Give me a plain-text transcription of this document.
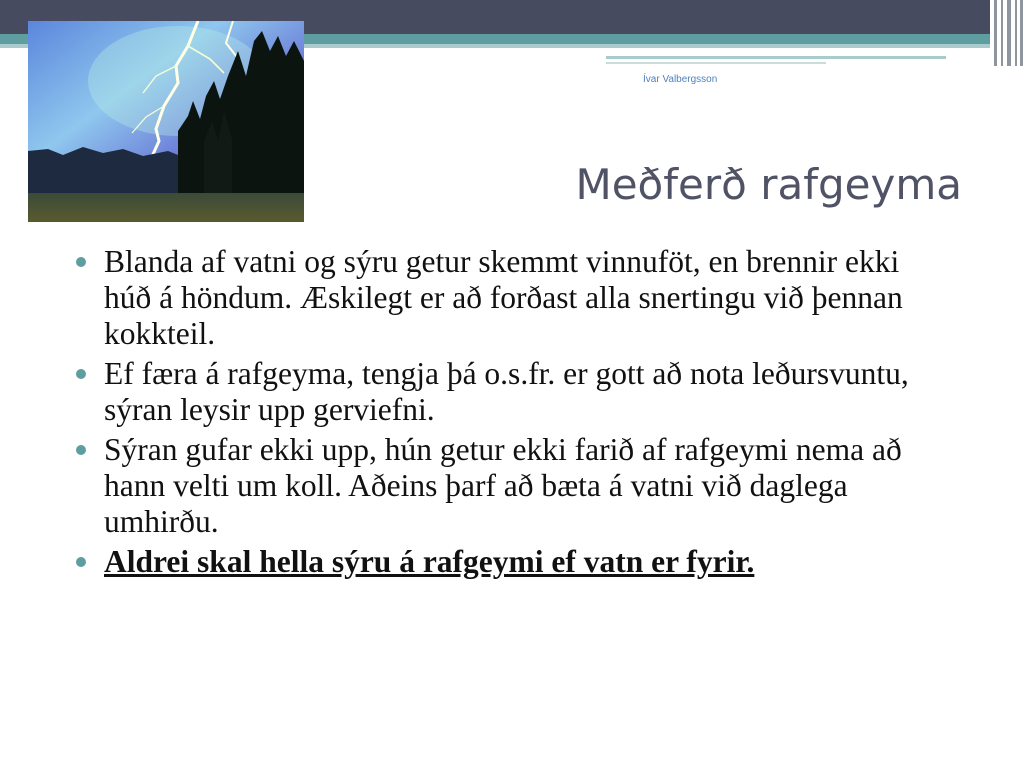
Ívar Valbergsson
Meðferð rafgeyma
Blanda af vatni og sýru getur skemmt vinnuföt, en brennir ekki húð á höndum. Æskilegt er að forðast alla snertingu við þennan kokkteil.
Ef færa á rafgeyma, tengja þá o.s.fr. er gott að nota leðursvuntu, sýran leysir upp gerviefni.
Sýran gufar ekki upp, hún getur ekki farið af rafgeymi nema að hann velti um koll. Aðeins þarf að bæta á vatni við daglega umhirðu.
Aldrei skal hella sýru á rafgeymi ef vatn er fyrir.
